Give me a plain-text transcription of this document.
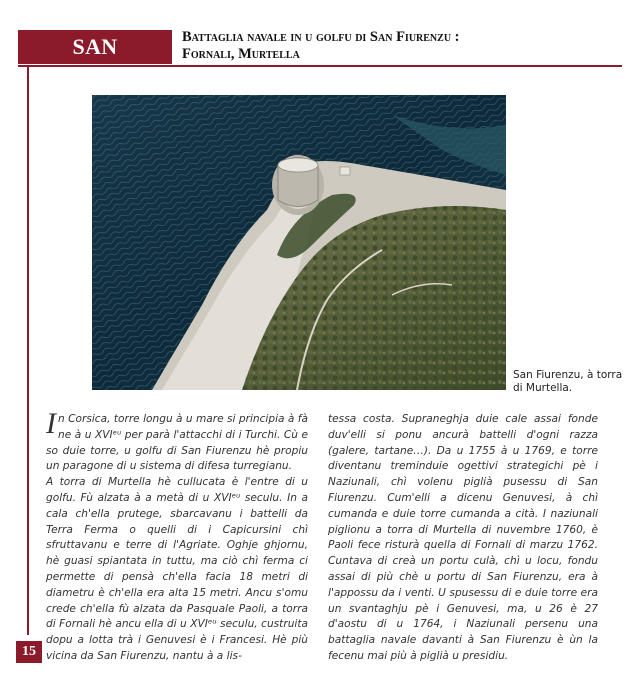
SAN FIURENZU
Battaglia navale in u golfu di San Fiurenzu :
Fornali, Murtella
San Fiurenzu, à torra di Murtella.

In Corsica, torre longu à u mare si principia à fà ne à u XVIᵉᵘ per parà l'attacchi di i Turchi. Cù e so duie torre, u golfu di San Fiurenzu hè propiu un paragone di u sistema di difesa turregianu.

A torra di Murtella hè cullucata è l'entre di u golfu. Fù alzata à a metà di u XVIᵉᵘ seculu. In a cala ch'ella prutege, sbarcavanu i battelli da Terra Ferma o quelli di i Capicursini chì sfruttavanu e terre di l'Agriate. Oghje ghjornu, hè guasi spiantata in tuttu, ma ciò chì ferma ci permette di pensà ch'ella facia 18 metri di diametru è ch'ella era alta 15 metri. Ancu s'omu crede ch'ella fù alzata da Pasquale Paoli, a torra di Fornali hè ancu ella di u XVIᵉᵘ seculu, custruita dopu a lotta trà i Genuvesi è i Francesi. Hè più vicina da San Fiurenzu, nantu à a lis-

tessa costa. Supraneghja duie cale assai fonde duv'elli si ponu ancurà battelli d'ogni razza (galere, tartane…). Da u 1755 à u 1769, e torre diventanu treminduie ogettivi strategichi pè i Naziunali, chì volenu piglià pusessu di San Fiurenzu. Cum'elli a dicenu Genuvesi, à chì cumanda e duie torre cumanda a cità. I naziunali piglionu a torra di Murtella di nuvembre 1760, è Paoli fece risturà quella di Fornali di marzu 1762. Cuntava di creà un portu culà, chì u locu, fondu assai di più chè u portu di San Fiurenzu, era à l'appossu da i venti. U spusessu di e duie torre era un svantaghju pè i Genuvesi, ma, u 26 è 27 d'aostu di u 1764, i Naziunali persenu una battaglia navale davanti à San Fiurenzu è ùn la fecenu mai più à piglià u presidiu.

15
